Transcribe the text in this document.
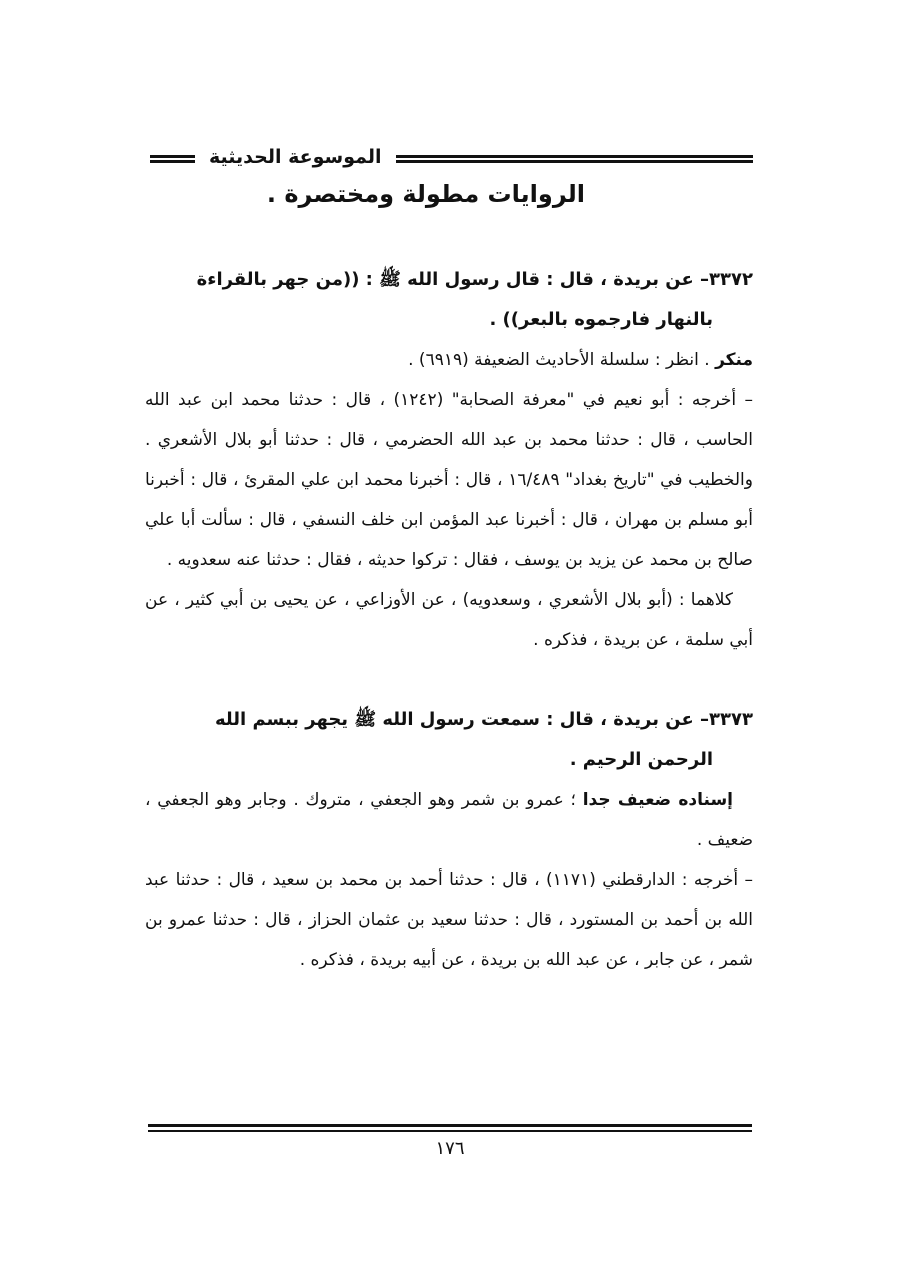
الموسوعة الحديثية
الروايات مطولة ومختصرة .

٣٣٧٢– عن بريدة ، قال : قال رسول الله ﷺ : ((من جهر بالقراءة

بالنهار فارجموه بالبعر)) .

منكر . انظر : سلسلة الأحاديث الضعيفة (٦٩١٩) .

– أخرجه : أبو نعيم في "معرفة الصحابة" (١٢٤٢) ، قال : حدثنا محمد ابن عبد الله الحاسب ، قال : حدثنا محمد بن عبد الله الحضرمي ، قال : حدثنا أبو بلال الأشعري . والخطيب في "تاريخ بغداد" ١٦/٤٨٩ ، قال : أخبرنا محمد ابن علي المقرئ ، قال : أخبرنا أبو مسلم بن مهران ، قال : أخبرنا عبد المؤمن ابن خلف النسفي ، قال : سألت أبا علي صالح بن محمد عن يزيد بن يوسف ، فقال : تركوا حديثه ، فقال : حدثنا عنه سعدويه .

كلاهما : (أبو بلال الأشعري ، وسعدويه) ، عن الأوزاعي ، عن يحيى بن أبي كثير ، عن أبي سلمة ، عن بريدة ، فذكره .

٣٣٧٣– عن بريدة ، قال : سمعت رسول الله ﷺ يجهر ببسم الله

الرحمن الرحيم .

إسناده ضعيف جدا ؛ عمرو بن شمر وهو الجعفي ، متروك . وجابر وهو الجعفي ، ضعيف .

– أخرجه : الدارقطني (١١٧١) ، قال : حدثنا أحمد بن محمد بن سعيد ، قال : حدثنا عبد الله بن أحمد بن المستورد ، قال : حدثنا سعيد بن عثمان الحزاز ، قال : حدثنا عمرو بن شمر ، عن جابر ، عن عبد الله بن بريدة ، عن أبيه بريدة ، فذكره .

١٧٦
